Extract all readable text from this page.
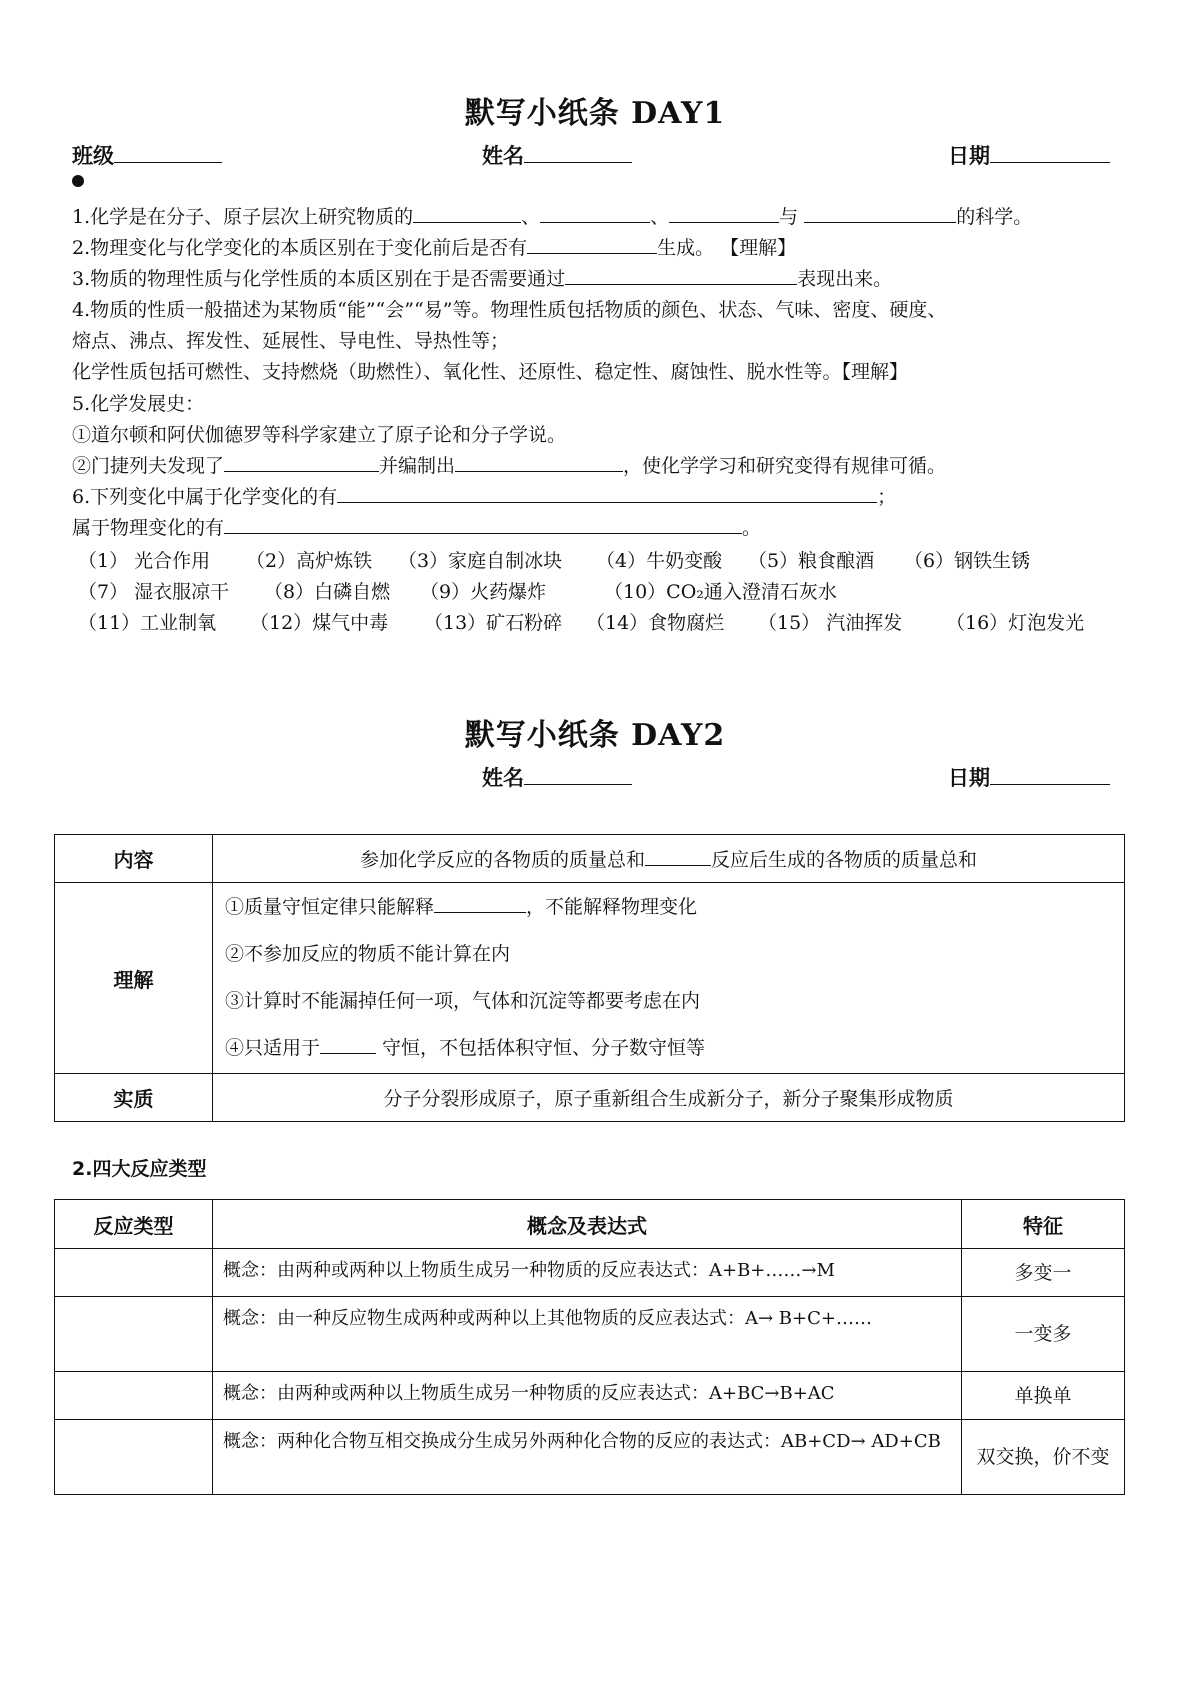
默写小纸条 DAY1
班级	姓名	日期
1.化学是在分子、原子层次上研究物质的	、	、	与	的科学。
2.物理变化与化学变化的本质区别在于变化前后是否有	生成。 【理解】
3.物质的物理性质与化学性质的本质区别在于是否需要通过	表现出来。
4.物质的性质一般描述为某物质“能”“会”“易”等。物理性质包括物质的颜色、状态、气味、密度、硬度、
熔点、沸点、挥发性、延展性、导电性、导热性等；
化学性质包括可燃性、支持燃烧（助燃性）、氧化性、还原性、稳定性、腐蚀性、脱水性等。【理解】
5.化学发展史：
①道尔顿和阿伏伽德罗等科学家建立了原子论和分子学说。
②门捷列夫发现了	并编制出	，使化学学习和研究变得有规律可循。
6.下列变化中属于化学变化的有	；
属于物理变化的有	。
（1） 光合作用 （2）高炉炼铁 （3）家庭自制冰块 （4）牛奶变酸 （5）粮食酿酒 （6）钢铁生锈
（7） 湿衣服凉干 （8）白磷自燃 （9）火药爆炸	（10）CO₂通入澄清石灰水
（11）工业制氧 （12）煤气中毒 （13）矿石粉碎 （14）食物腐烂 （15） 汽油挥发 （16）灯泡发光
默写小纸条 DAY2
姓名	日期
内容	参加化学反应的各物质的质量总和 反应后生成的各物质的质量总和
理解	①质量守恒定律只能解释 ，不能解释物理变化
②不参加反应的物质不能计算在内
③计算时不能漏掉任何一项，气体和沉淀等都要考虑在内
④只适用于 守恒，不包括体积守恒、分子数守恒等

实质	分子分裂形成原子，原子重新组合生成新分子，新分子聚集形成物质
2.四大反应类型
反应类型	概念及表达式	特征
	概念：由两种或两种以上物质生成另一种物质的反应表达式：A+B+……→M	多变一
	概念：由一种反应物生成两种或两种以上其他物质的反应表达式：A→ B+C+……	一变多
	概念：由两种或两种以上物质生成另一种物质的反应表达式：A+BC→B+AC	单换单
	概念：两种化合物互相交换成分生成另外两种化合物的反应的表达式：AB+CD→ AD+CB	双交换，价不变
